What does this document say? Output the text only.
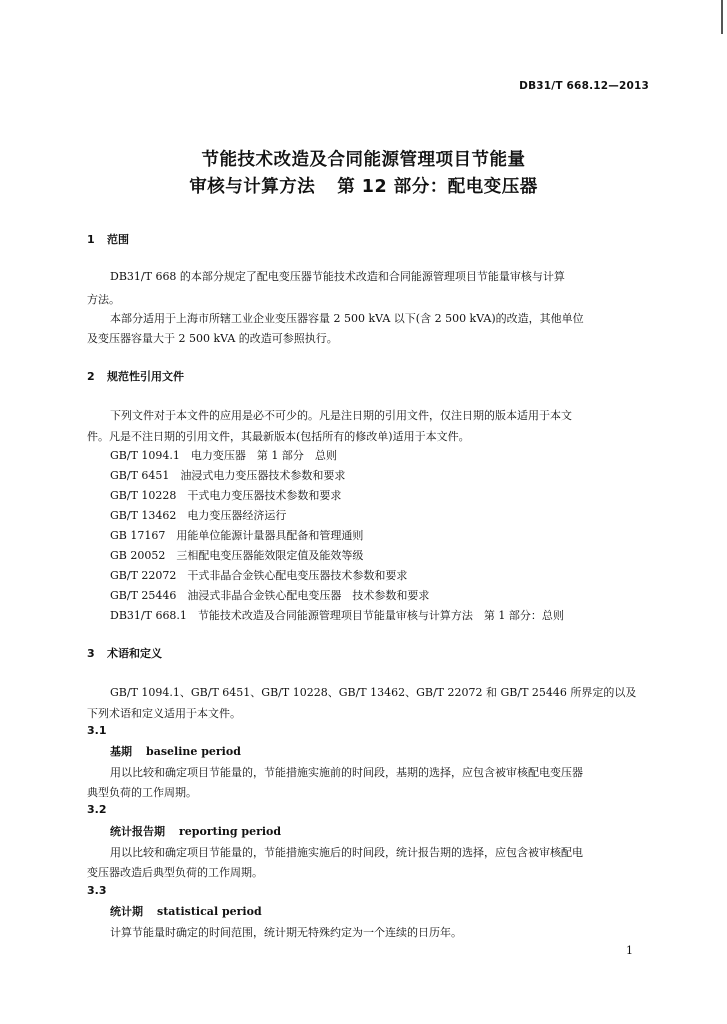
DB31/T 668.12—2013
节能技术改造及合同能源管理项目节能量
审核与计算方法 第 12 部分：配电变压器
1 范围
DB31/T 668 的本部分规定了配电变压器节能技术改造和合同能源管理项目节能量审核与计算
方法。
本部分适用于上海市所辖工业企业变压器容量 2 500 kVA 以下(含 2 500 kVA)的改造，其他单位
及变压器容量大于 2 500 kVA 的改造可参照执行。
2 规范性引用文件
下列文件对于本文件的应用是必不可少的。凡是注日期的引用文件，仅注日期的版本适用于本文
件。凡是不注日期的引用文件，其最新版本(包括所有的修改单)适用于本文件。
GB/T 1094.1　电力变压器　第 1 部分　总则
GB/T 6451　油浸式电力变压器技术参数和要求
GB/T 10228　干式电力变压器技术参数和要求
GB/T 13462　电力变压器经济运行
GB 17167　用能单位能源计量器具配备和管理通则
GB 20052　三相配电变压器能效限定值及能效等级
GB/T 22072　干式非晶合金铁心配电变压器技术参数和要求
GB/T 25446　油浸式非晶合金铁心配电变压器　技术参数和要求
DB31/T 668.1　节能技术改造及合同能源管理项目节能量审核与计算方法　第 1 部分：总则
3 术语和定义
GB/T 1094.1、GB/T 6451、GB/T 10228、GB/T 13462、GB/T 22072 和 GB/T 25446 所界定的以及
下列术语和定义适用于本文件。
3.1
基期 baseline period
用以比较和确定项目节能量的，节能措施实施前的时间段，基期的选择，应包含被审核配电变压器
典型负荷的工作周期。
3.2
统计报告期 reporting period
用以比较和确定项目节能量的，节能措施实施后的时间段，统计报告期的选择，应包含被审核配电
变压器改造后典型负荷的工作周期。
3.3
统计期 statistical period
计算节能量时确定的时间范围，统计期无特殊约定为一个连续的日历年。
1
